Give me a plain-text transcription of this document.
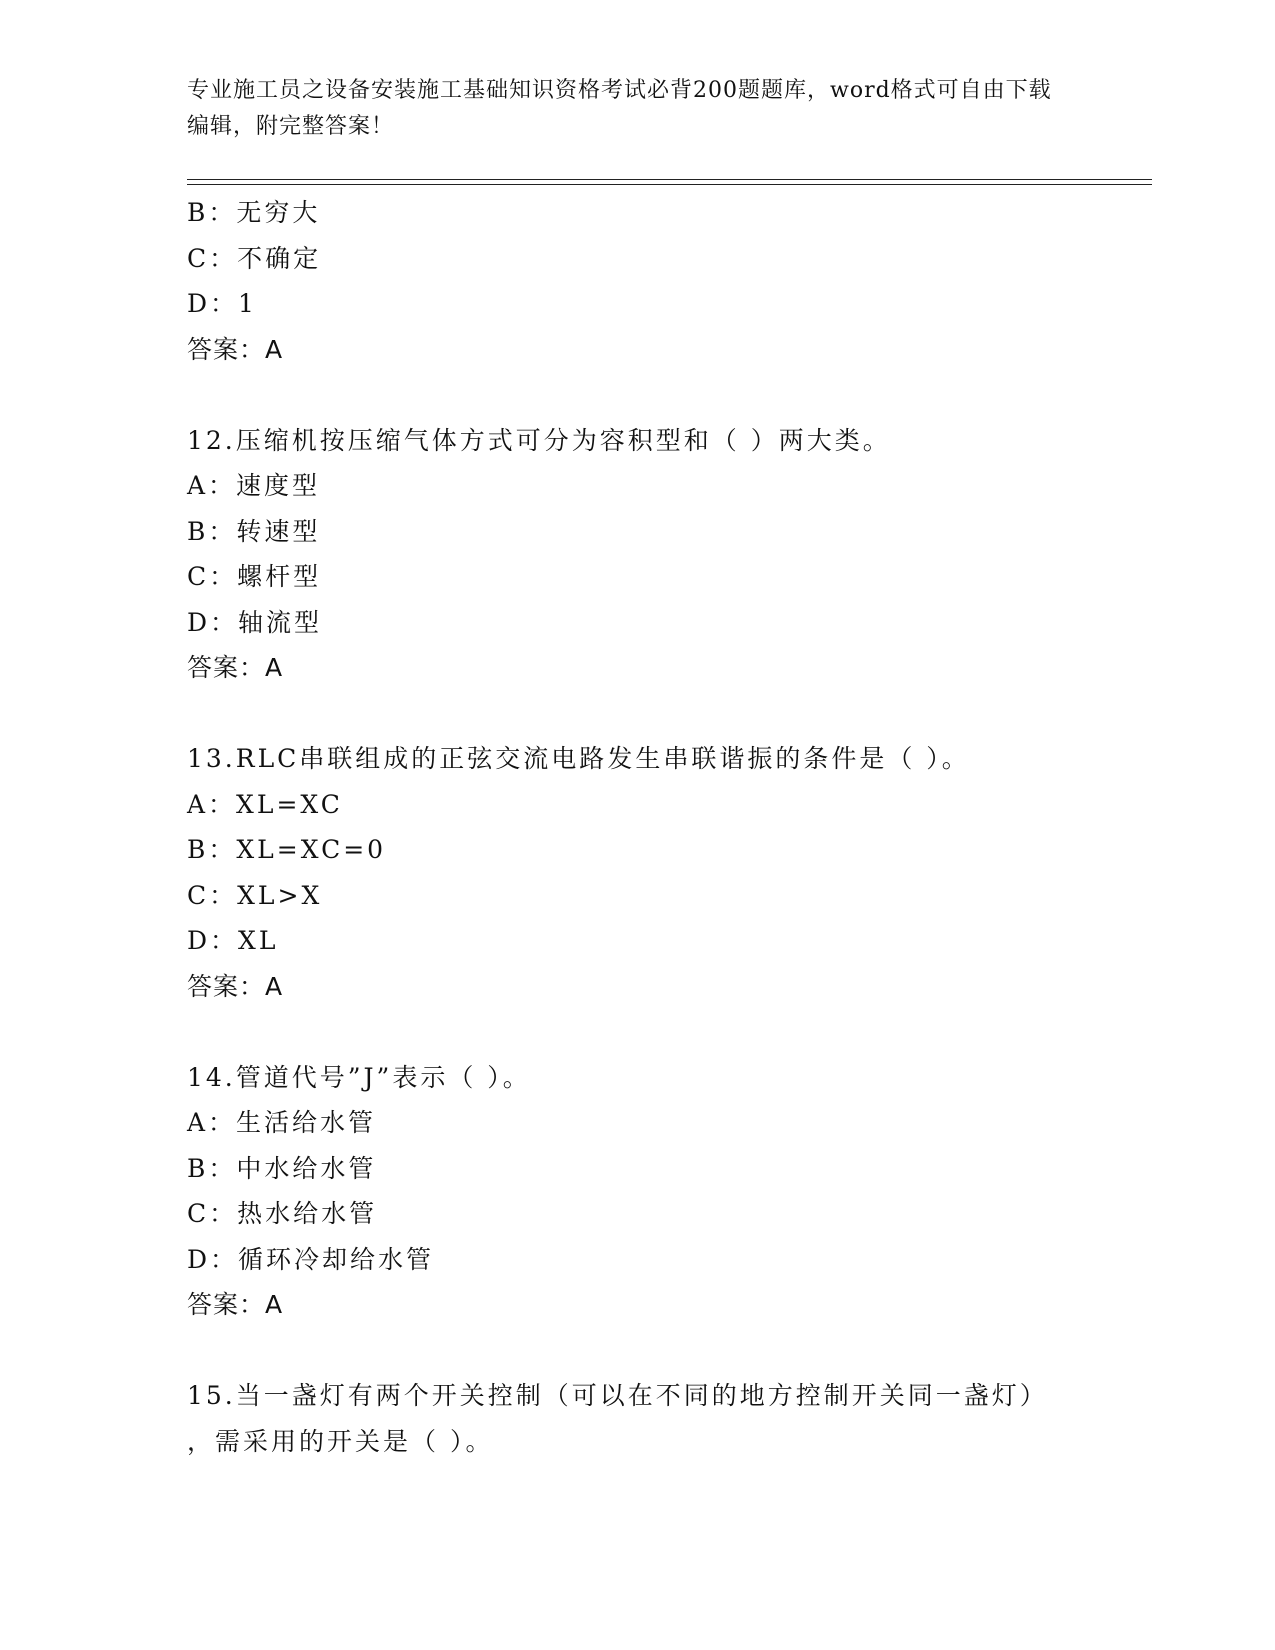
专业施工员之设备安装施工基础知识资格考试必背200题题库，word格式可自由下载编辑，附完整答案！
B：无穷大
C：不确定
D：1
答案：A
12.压缩机按压缩气体方式可分为容积型和（ ）两大类。
A：速度型
B：转速型
C：螺杆型
D：轴流型
答案：A
13.RLC串联组成的正弦交流电路发生串联谐振的条件是（ ）。
A：XL=XC
B：XL=XC=0
C：XL>X
D：XL
答案：A
14.管道代号”J”表示（ ）。
A：生活给水管
B：中水给水管
C：热水给水管
D：循环冷却给水管
答案：A
15.当一盏灯有两个开关控制（可以在不同的地方控制开关同一盏灯）
，需采用的开关是（ ）。
